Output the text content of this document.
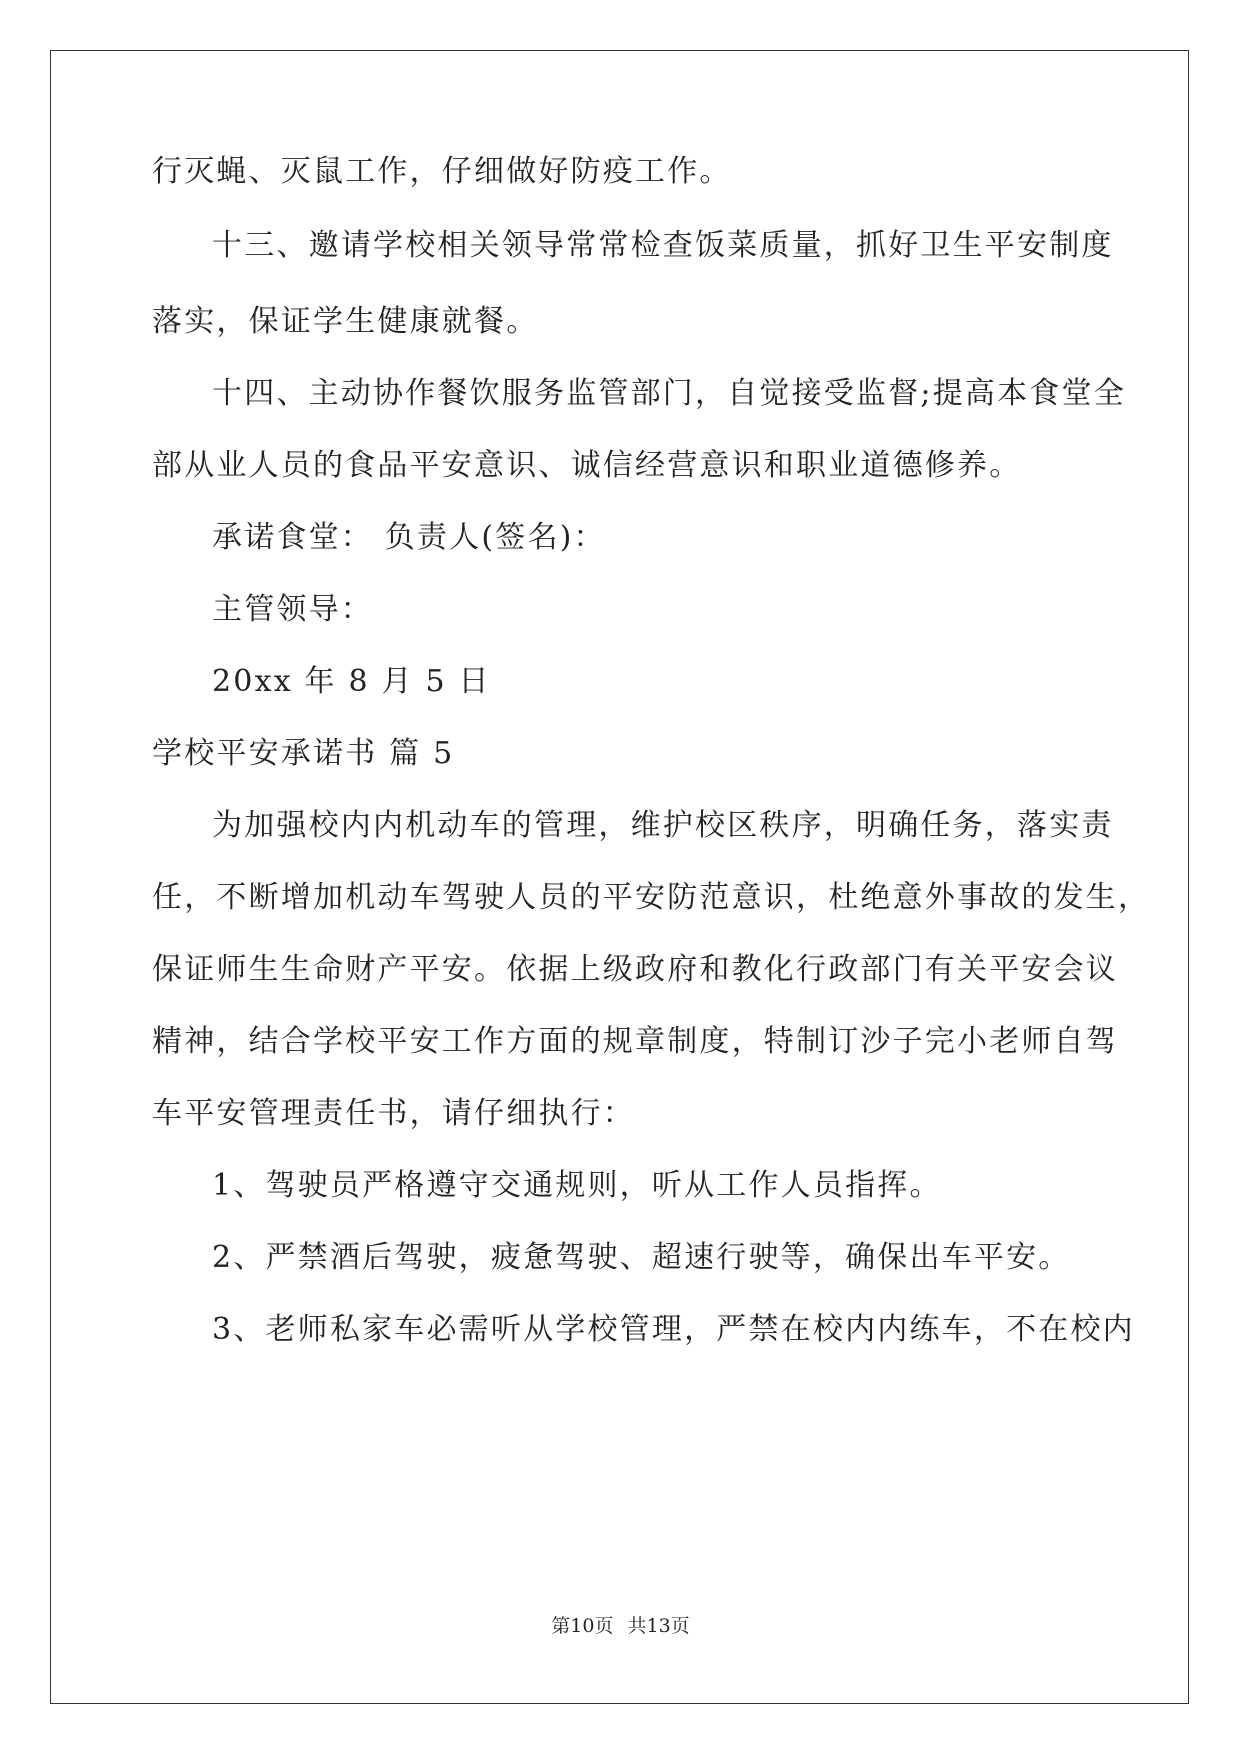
行灭蝇、灭鼠工作，仔细做好防疫工作。
十三、邀请学校相关领导常常检查饭菜质量，抓好卫生平安制度
落实，保证学生健康就餐。
十四、主动协作餐饮服务监管部门，自觉接受监督;提高本食堂全
部从业人员的食品平安意识、诚信经营意识和职业道德修养。
承诺食堂： 负责人(签名)：
主管领导：
20xx 年 8 月 5 日
学校平安承诺书 篇 5
为加强校内内机动车的管理，维护校区秩序，明确任务，落实责
任，不断增加机动车驾驶人员的平安防范意识，杜绝意外事故的发生，
保证师生生命财产平安。依据上级政府和教化行政部门有关平安会议
精神，结合学校平安工作方面的规章制度，特制订沙子完小老师自驾
车平安管理责任书，请仔细执行：
1、驾驶员严格遵守交通规则，听从工作人员指挥。
2、严禁酒后驾驶，疲惫驾驶、超速行驶等，确保出车平安。
3、老师私家车必需听从学校管理，严禁在校内内练车，不在校内
第10页 共13页
